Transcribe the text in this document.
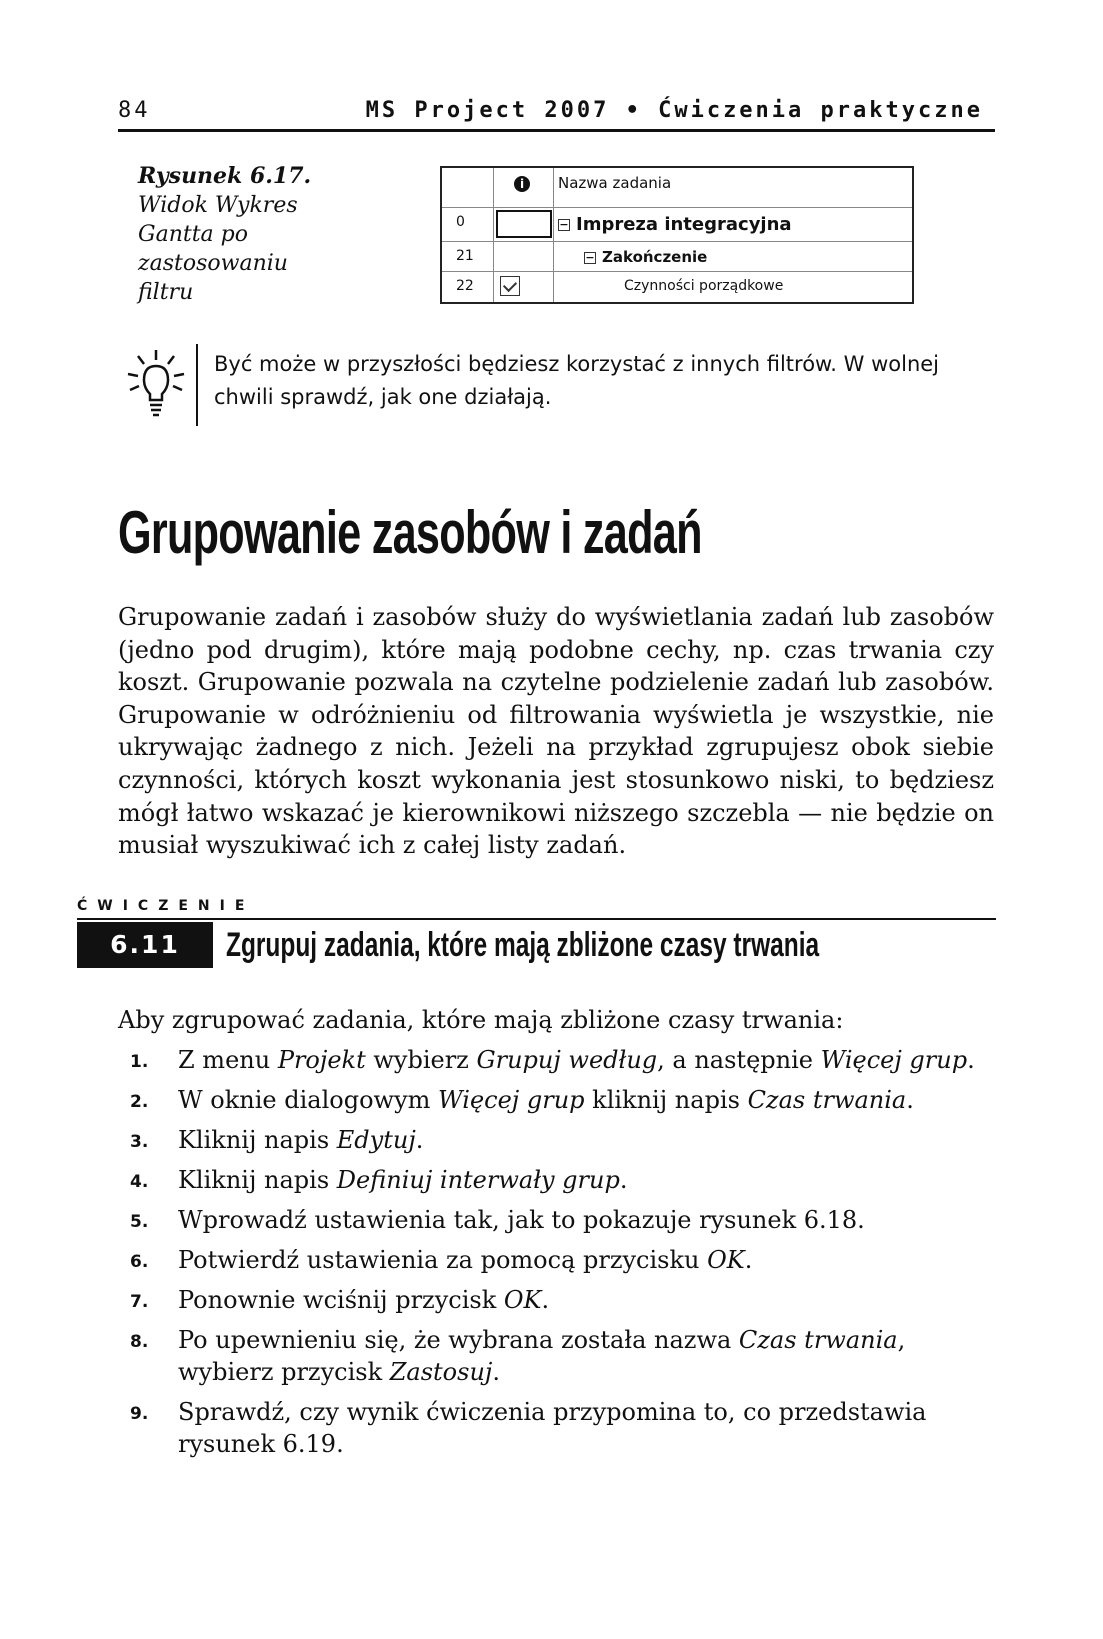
84	MS Project 2007 • Ćwiczenia praktyczne
Rysunek 6.17.
Widok Wykres Gantta po zastosowaniu filtru
i	Nazwa zadania
0	− Impreza integracyjna
21	− Zakończenie
22	Czynności porządkowe
Być może w przyszłości będziesz korzystać z innych filtrów. W wolnej chwili sprawdź, jak one działają.
Grupowanie zasobów i zadań

Grupowanie zadań i zasobów służy do wyświetlania zadań lub zasobów (jedno pod drugim), które mają podobne cechy, np. czas trwania czy koszt. Grupowanie pozwala na czytelne podzielenie zadań lub zasobów. Grupowanie w odróżnieniu od filtrowania wyświetla je wszystkie, nie ukrywając żadnego z nich. Jeżeli na przykład zgrupujesz obok siebie czynności, których koszt wykonania jest stosunkowo niski, to będziesz mógł łatwo wskazać je kierownikowi niższego szczebla — nie będzie on musiał wyszukiwać ich z całej listy zadań.

ĆWICZENIE
6.11	Zgrupuj zadania, które mają zbliżone czasy trwania

Aby zgrupować zadania, które mają zbliżone czasy trwania:

1. Z menu Projekt wybierz Grupuj według, a następnie Więcej grup.
2. W oknie dialogowym Więcej grup kliknij napis Czas trwania.
3. Kliknij napis Edytuj.
4. Kliknij napis Definiuj interwały grup.
5. Wprowadź ustawienia tak, jak to pokazuje rysunek 6.18.
6. Potwierdź ustawienia za pomocą przycisku OK.
7. Ponownie wciśnij przycisk OK.
8. Po upewnieniu się, że wybrana została nazwa Czas trwania, wybierz przycisk Zastosuj.
9. Sprawdź, czy wynik ćwiczenia przypomina to, co przedstawia rysunek 6.19.
